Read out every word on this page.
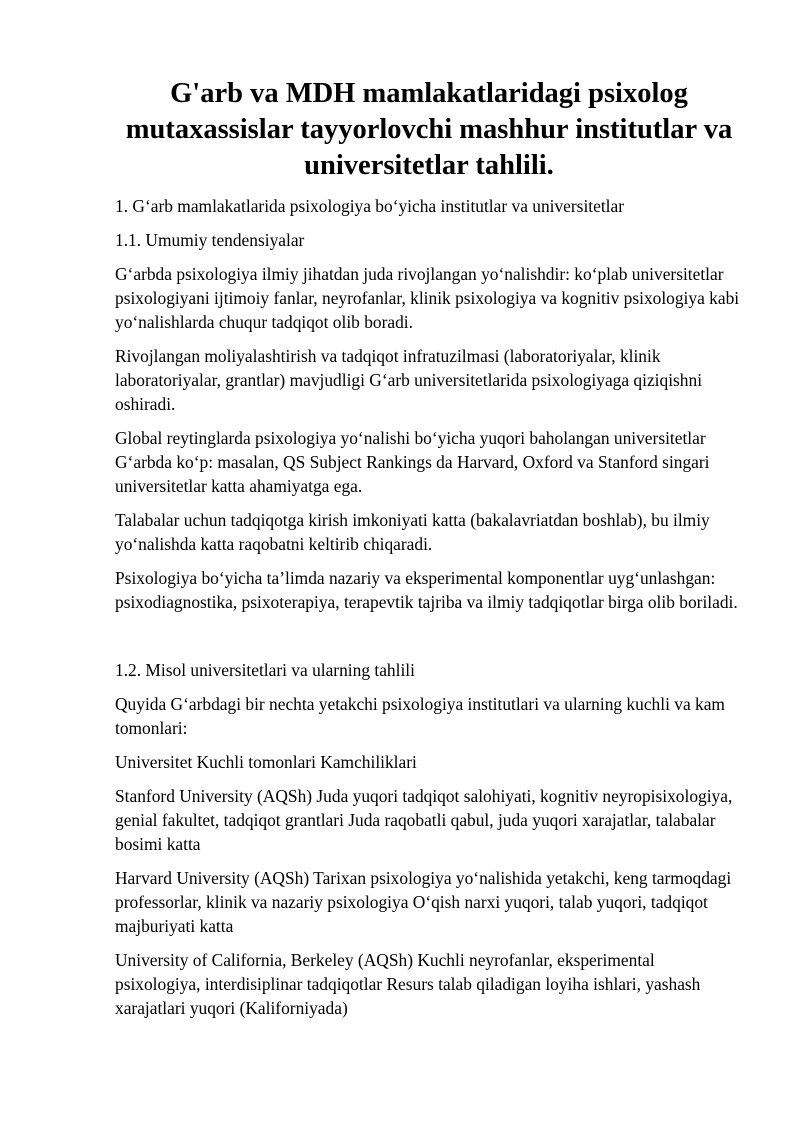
G'arb va MDH mamlakatlaridagi psixolog mutaxassislar tayyorlovchi mashhur institutlar va universitetlar tahlili.

1. G‘arb mamlakatlarida psixologiya bo‘yicha institutlar va universitetlar

1.1. Umumiy tendensiyalar

G‘arbda psixologiya ilmiy jihatdan juda rivojlangan yo‘nalishdir: ko‘plab universitetlar psixologiyani ijtimoiy fanlar, neyrofanlar, klinik psixologiya va kognitiv psixologiya kabi yo‘nalishlarda chuqur tadqiqot olib boradi.

Rivojlangan moliyalashtirish va tadqiqot infratuzilmasi (laboratoriyalar, klinik laboratoriyalar, grantlar) mavjudligi G‘arb universitetlarida psixologiyaga qiziqishni oshiradi.

Global reytinglarda psixologiya yo‘nalishi bo‘yicha yuqori baholangan universitetlar G‘arbda ko‘p: masalan, QS Subject Rankings da Harvard, Oxford va Stanford singari universitetlar katta ahamiyatga ega.

Talabalar uchun tadqiqotga kirish imkoniyati katta (bakalavriatdan boshlab), bu ilmiy yo‘nalishda katta raqobatni keltirib chiqaradi.

Psixologiya bo‘yicha ta’limda nazariy va eksperimental komponentlar uyg‘unlashgan: psixodiagnostika, psixoterapiya, terapevtik tajriba va ilmiy tadqiqotlar birga olib boriladi.

1.2. Misol universitetlari va ularning tahlili

Quyida G‘arbdagi bir nechta yetakchi psixologiya institutlari va ularning kuchli va kam tomonlari:

Universitet Kuchli tomonlari Kamchiliklari

Stanford University (AQSh) Juda yuqori tadqiqot salohiyati, kognitiv neyropisixologiya, genial fakultet, tadqiqot grantlari Juda raqobatli qabul, juda yuqori xarajatlar, talabalar bosimi katta

Harvard University (AQSh) Tarixan psixologiya yo‘nalishida yetakchi, keng tarmoqdagi professorlar, klinik va nazariy psixologiya O‘qish narxi yuqori, talab yuqori, tadqiqot majburiyati katta

University of California, Berkeley (AQSh) Kuchli neyrofanlar, eksperimental psixologiya, interdisiplinar tadqiqotlar Resurs talab qiladigan loyiha ishlari, yashash xarajatlari yuqori (Kaliforniyada)
